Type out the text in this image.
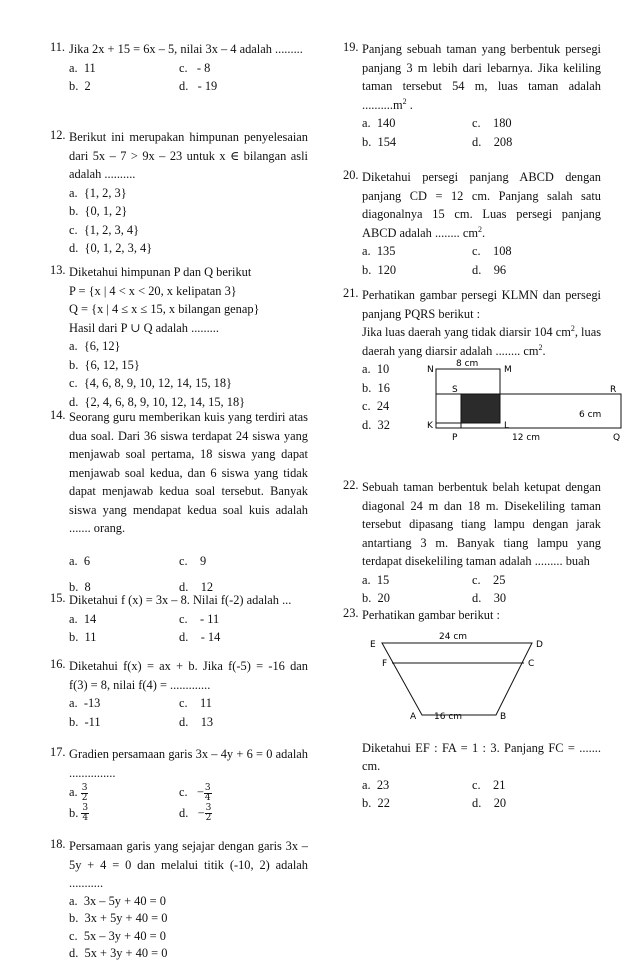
11. Jika 2x + 15 = 6x – 5, nilai 3x – 4 adalah .........

a. 11	c. - 8
b. 2	d. - 19
12. Berikut ini merupakan himpunan penyelesaian dari 5x – 7 > 9x – 23 untuk x ∈ bilangan asli adalah ..........

a. {1, 2, 3}
b. {0, 1, 2}
c. {1, 2, 3, 4}
d. {0, 1, 2, 3, 4}
13. Diketahui himpunan P dan Q berikut

P = {x | 4 < x < 20, x kelipatan 3}

Q = {x | 4 ≤ x ≤ 15, x bilangan genap}

Hasil dari P ∪ Q adalah .........

a. {6, 12}
b. {6, 12, 15}
c. {4, 6, 8, 9, 10, 12, 14, 15, 18}
d. {2, 4, 6, 8, 9, 10, 12, 14, 15, 18}
14. Seorang guru memberikan kuis yang terdiri atas dua soal. Dari 36 siswa terdapat 24 siswa yang menjawab soal pertama, 18 siswa yang dapat menjawab soal kedua, dan 6 siswa yang tidak dapat menjawab kedua soal tersebut. Banyak siswa yang mendapat kedua soal kuis adalah ....... orang.

a. 6	c. 9
b. 8	d. 12
15. Diketahui f (x) = 3x – 8. Nilai f(-2) adalah ...

a. 14	c. - 11
b. 11	d. - 14
16. Diketahui f(x) = ax + b. Jika f(-5) = -16 dan f(3) = 8, nilai f(4) = .............

a. -13	c. 11
b. -11	d. 13
17. Gradien persamaan garis 3x – 4y + 6 = 0 adalah ...............

a. $\frac{3}{2}$	c.   − $\frac{3}{4}$
b. $\frac{3}{4}$	d.   − $\frac{3}{2}$
18. Persamaan garis yang sejajar dengan garis 3x – 5y + 4 = 0 dan melalui titik (-10, 2) adalah ...........

a. 3x – 5y + 40 = 0
b. 3x + 5y + 40 = 0
c. 5x – 3y + 40 = 0
d. 5x + 3y + 40 = 0
19. Panjang sebuah taman yang berbentuk persegi panjang 3 m lebih dari lebarnya. Jika keliling taman tersebut 54 m, luas taman adalah $..........m^2$ .

a. 140	c. 180
b. 154	d. 208
20. Diketahui persegi panjang ABCD dengan panjang CD = 12 cm. Panjang salah satu diagonalnya 15 cm. Luas persegi panjang ABCD adalah ........ $cm^2$.

a. 135	c. 108
b. 120	d. 96
21. Perhatikan gambar persegi KLMN dan persegi panjang PQRS berikut :

Jika luas daerah yang tidak diarsir 104 $cm^2$, luas daerah yang diarsir adalah ........ $cm^2$.

a. 10
b. 16
c. 24
d. 32
N	M
K	L
S	R
P	Q
8 cm
12 cm
6 cm
22. Sebuah taman berbentuk belah ketupat dengan diagonal 24 m dan 18 m. Disekeliling taman tersebut dipasang tiang lampu dengan jarak antartiang 3 m. Banyak tiang lampu yang terdapat disekeliling taman adalah ......... buah

a. 15	c. 25
b. 20	d. 30
23. Perhatikan gambar berikut :

E	D
F	C
A	B
24 cm
16 cm

Diketahui EF : FA = 1 : 3. Panjang FC = ....... cm.

a. 23	c. 21
b. 22	d. 20
